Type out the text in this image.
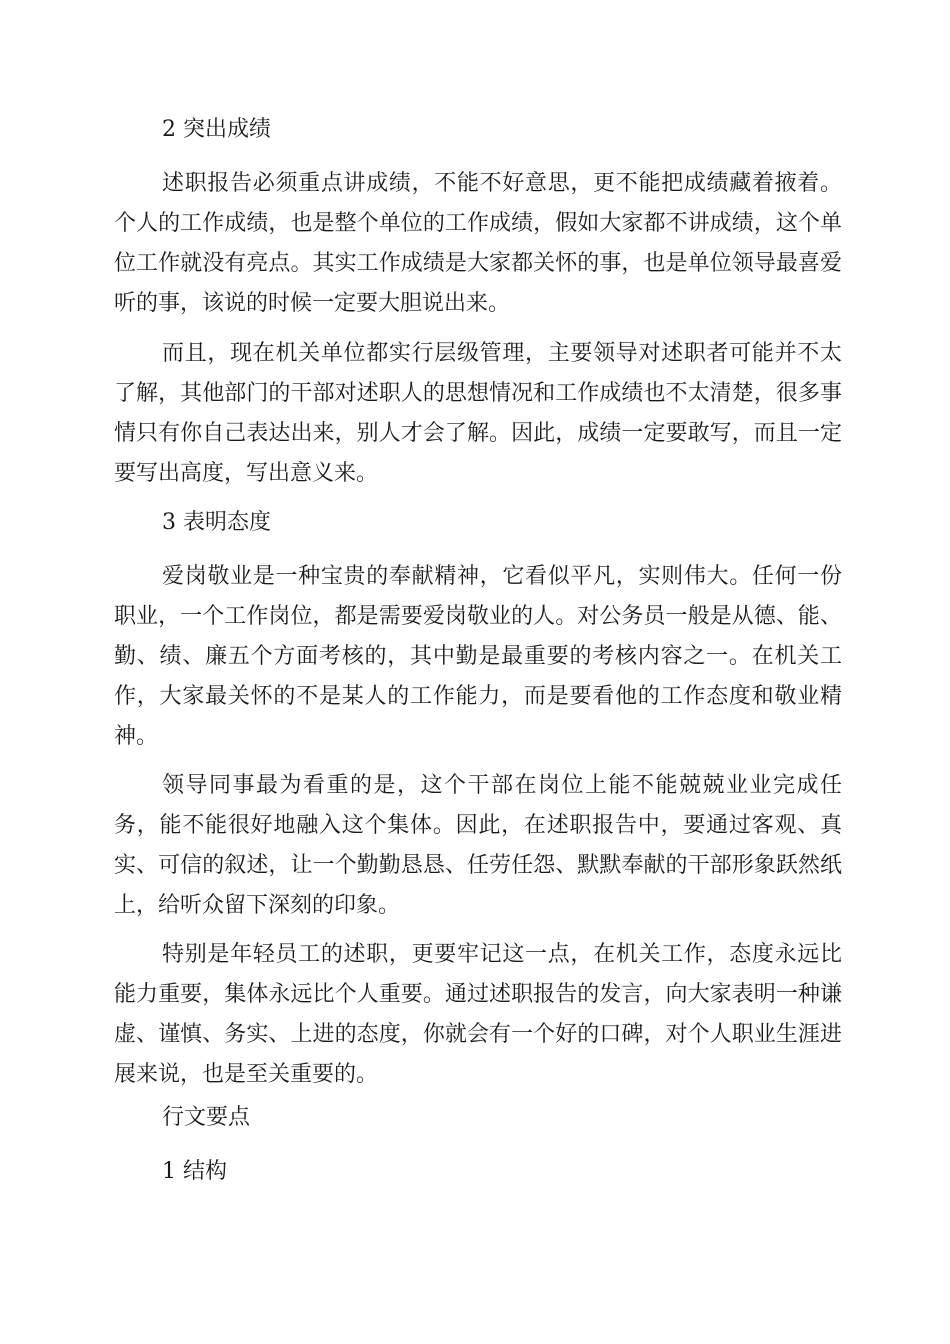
2 突出成绩

述职报告必须重点讲成绩，不能不好意思，更不能把成绩藏着掖着。个人的工作成绩，也是整个单位的工作成绩，假如大家都不讲成绩，这个单位工作就没有亮点。其实工作成绩是大家都关怀的事，也是单位领导最喜爱听的事，该说的时候一定要大胆说出来。

而且，现在机关单位都实行层级管理，主要领导对述职者可能并不太了解，其他部门的干部对述职人的思想情况和工作成绩也不太清楚，很多事情只有你自己表达出来，别人才会了解。因此，成绩一定要敢写，而且一定要写出高度，写出意义来。

3 表明态度

爱岗敬业是一种宝贵的奉献精神，它看似平凡，实则伟大。任何一份职业，一个工作岗位，都是需要爱岗敬业的人。对公务员一般是从德、能、勤、绩、廉五个方面考核的，其中勤是最重要的考核内容之一。在机关工作，大家最关怀的不是某人的工作能力，而是要看他的工作态度和敬业精神。

领导同事最为看重的是，这个干部在岗位上能不能兢兢业业完成任务，能不能很好地融入这个集体。因此，在述职报告中，要通过客观、真实、可信的叙述，让一个勤勤恳恳、任劳任怨、默默奉献的干部形象跃然纸上，给听众留下深刻的印象。

特别是年轻员工的述职，更要牢记这一点，在机关工作，态度永远比能力重要，集体永远比个人重要。通过述职报告的发言，向大家表明一种谦虚、谨慎、务实、上进的态度，你就会有一个好的口碑，对个人职业生涯进展来说，也是至关重要的。

行文要点

1 结构
